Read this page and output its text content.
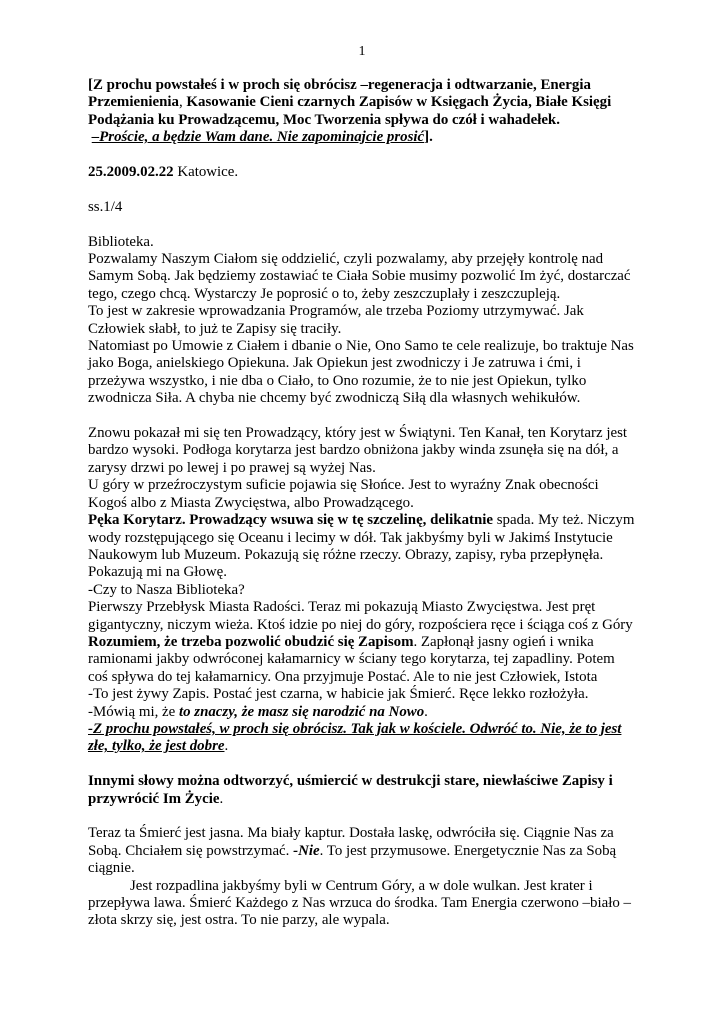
1

[Z prochu powstałeś i w proch się obrócisz –regeneracja i odtwarzanie, Energia Przemienienia, Kasowanie Cieni czarnych Zapisów w Księgach Życia, Białe Księgi Podążania ku Prowadzącemu, Moc Tworzenia spływa do czół i wahadełek.
–Proście, a będzie Wam dane. Nie zapominajcie prosić].

25.2009.02.22 Katowice.

ss.1/4

Biblioteka.

Pozwalamy Naszym Ciałom się oddzielić, czyli pozwalamy, aby przejęły kontrolę nad Samym Sobą. Jak będziemy zostawiać te Ciała Sobie musimy pozwolić Im żyć, dostarczać tego, czego chcą. Wystarczy Je poprosić o to, żeby zeszczuplały i zeszczupleją.

To jest w zakresie wprowadzania Programów, ale trzeba Poziomy utrzymywać. Jak Człowiek słabł, to już te Zapisy się traciły.

Natomiast po Umowie z Ciałem i dbanie o Nie, Ono Samo te cele realizuje, bo traktuje Nas jako Boga, anielskiego Opiekuna. Jak Opiekun jest zwodniczy i Je zatruwa i ćmi, i przeżywa wszystko, i nie dba o Ciało, to Ono rozumie, że to nie jest Opiekun, tylko zwodnicza Siła. A chyba nie chcemy być zwodniczą Siłą dla własnych wehikułów.

Znowu pokazał mi się ten Prowadzący, który jest w Świątyni. Ten Kanał, ten Korytarz jest bardzo wysoki. Podłoga korytarza jest bardzo obniżona jakby winda zsunęła się na dół, a zarysy drzwi po lewej i po prawej są wyżej Nas.

U góry w przeźroczystym suficie pojawia się Słońce. Jest to wyraźny Znak obecności Kogoś albo z Miasta Zwycięstwa, albo Prowadzącego.

Pęka Korytarz. Prowadzący wsuwa się w tę szczelinę, delikatnie spada. My też. Niczym wody rozstępującego się Oceanu i lecimy w dół. Tak jakbyśmy byli w Jakimś Instytucie Naukowym lub Muzeum. Pokazują się różne rzeczy. Obrazy, zapisy, ryba przepłynęła. Pokazują mi na Głowę.

-Czy to Nasza Biblioteka?

Pierwszy Przebłysk Miasta Radości. Teraz mi pokazują Miasto Zwycięstwa. Jest pręt gigantyczny, niczym wieża. Ktoś idzie po niej do góry, rozpościera ręce i ściąga coś z Góry

Rozumiem, że trzeba pozwolić obudzić się Zapisom. Zapłonął jasny ogień i wnika ramionami jakby odwróconej kałamarnicy w ściany tego korytarza, tej zapadliny. Potem coś spływa do tej kałamarnicy. Ona przyjmuje Postać. Ale to nie jest Człowiek, Istota

-To jest żywy Zapis. Postać jest czarna, w habicie jak Śmierć. Ręce lekko rozłożyła.

-Mówią mi, że to znaczy, że masz się narodzić na Nowo.

-Z prochu powstałeś, w proch się obrócisz. Tak jak w kościele. Odwróć to. Nie, że to jest złe, tylko, że jest dobre.

Innymi słowy można odtworzyć, uśmiercić w destrukcji stare, niewłaściwe Zapisy i przywrócić Im Życie.

Teraz ta Śmierć jest jasna. Ma biały kaptur. Dostała laskę, odwróciła się. Ciągnie Nas za Sobą. Chciałem się powstrzymać. -Nie. To jest przymusowe. Energetycznie Nas za Sobą ciągnie.

Jest rozpadlina jakbyśmy byli w Centrum Góry, a w dole wulkan. Jest krater i przepływa lawa. Śmierć Każdego z Nas wrzuca do środka. Tam Energia czerwono –biało –złota skrzy się, jest ostra. To nie parzy, ale wypala.
